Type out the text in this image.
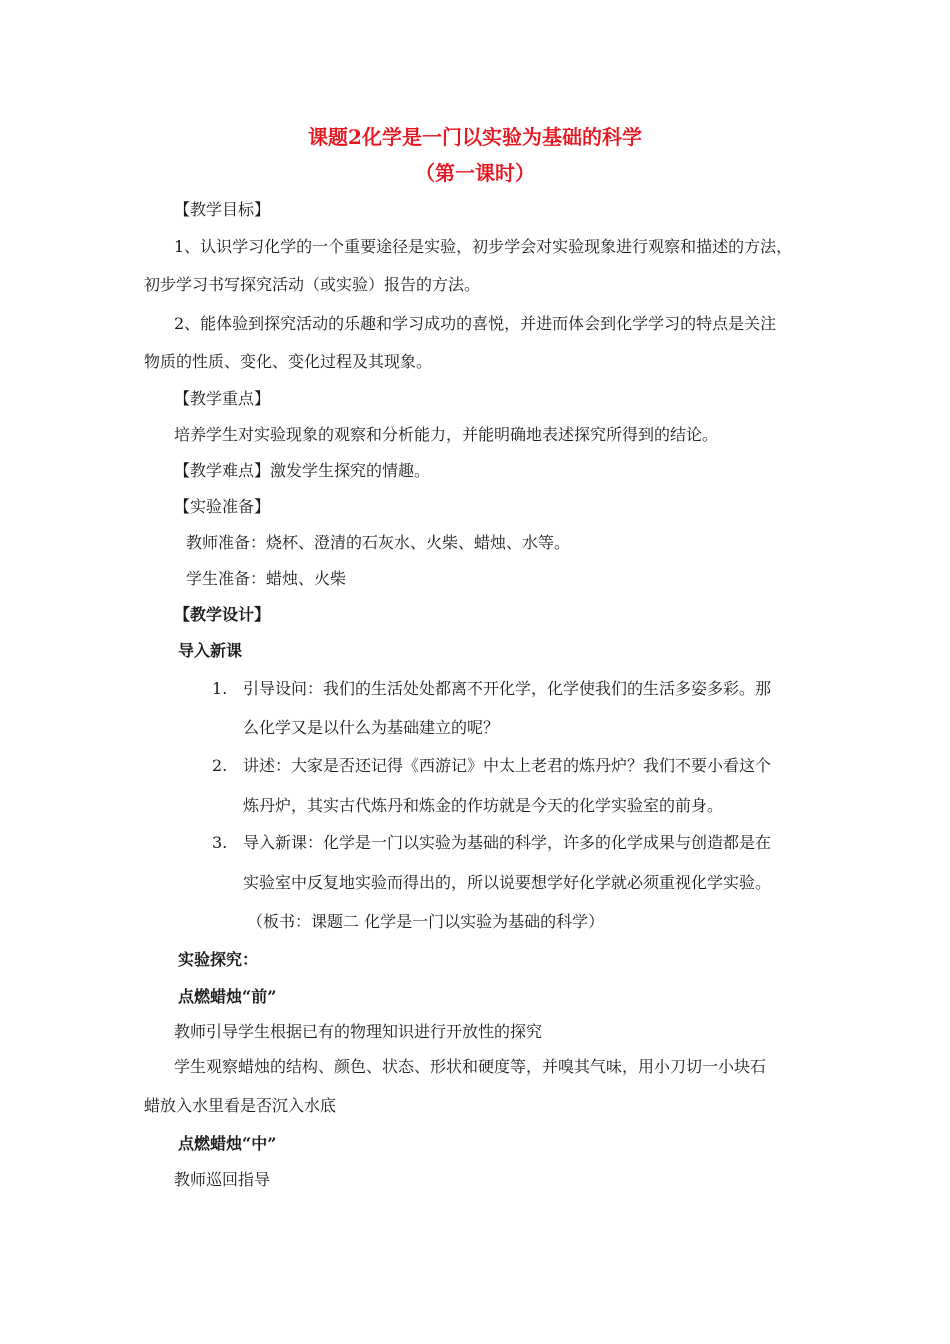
课题2化学是一门以实验为基础的科学
（第一课时）
【教学目标】
1、认识学习化学的一个重要途径是实验，初步学会对实验现象进行观察和描述的方法，
初步学习书写探究活动（或实验）报告的方法。
2、能体验到探究活动的乐趣和学习成功的喜悦，并进而体会到化学学习的特点是关注
物质的性质、变化、变化过程及其现象。
【教学重点】
培养学生对实验现象的观察和分析能力，并能明确地表述探究所得到的结论。
【教学难点】激发学生探究的情趣。
【实验准备】
教师准备：烧杯、澄清的石灰水、火柴、蜡烛、水等。
学生准备：蜡烛、火柴
【教学设计】
导入新课
1. 引导设问：我们的生活处处都离不开化学，化学使我们的生活多姿多彩。那
么化学又是以什么为基础建立的呢？
2. 讲述：大家是否还记得《西游记》中太上老君的炼丹炉？我们不要小看这个
炼丹炉，其实古代炼丹和炼金的作坊就是今天的化学实验室的前身。
3. 导入新课：化学是一门以实验为基础的科学，许多的化学成果与创造都是在
实验室中反复地实验而得出的，所以说要想学好化学就必须重视化学实验。
（板书：课题二 化学是一门以实验为基础的科学）
实验探究：
点燃蜡烛“前”
教师引导学生根据已有的物理知识进行开放性的探究
学生观察蜡烛的结构、颜色、状态、形状和硬度等，并嗅其气味，用小刀切一小块石
蜡放入水里看是否沉入水底
点燃蜡烛“中”
教师巡回指导
